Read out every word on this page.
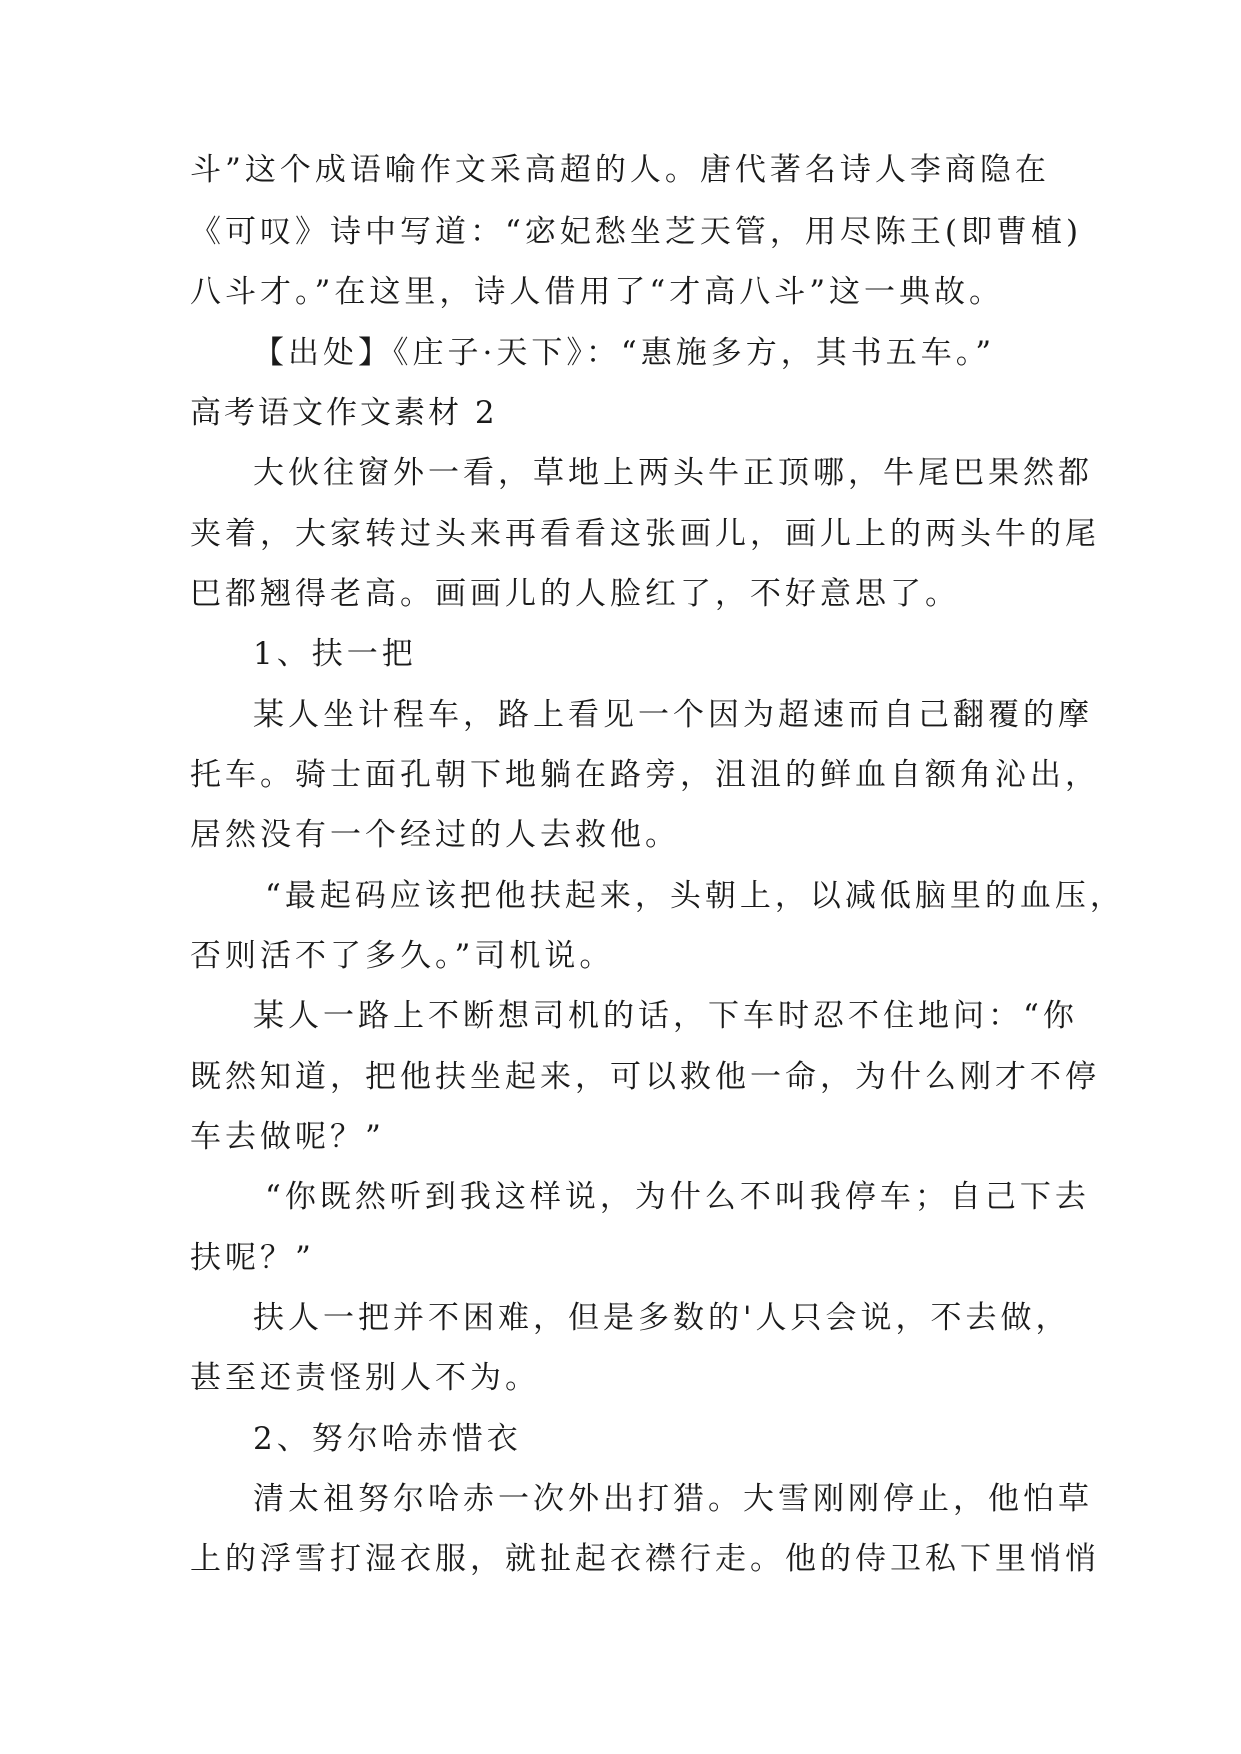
斗”这个成语喻作文采高超的人。唐代著名诗人李商隐在
《可叹》诗中写道：“宓妃愁坐芝天管，用尽陈王(即曹植)
八斗才。”在这里，诗人借用了“才高八斗”这一典故。
【出处】《庄子·天下》：“惠施多方，其书五车。”
高考语文作文素材 2
大伙往窗外一看，草地上两头牛正顶哪，牛尾巴果然都
夹着，大家转过头来再看看这张画儿，画儿上的两头牛的尾
巴都翘得老高。画画儿的人脸红了，不好意思了。
1、扶一把
某人坐计程车，路上看见一个因为超速而自己翻覆的摩
托车。骑士面孔朝下地躺在路旁，沮沮的鲜血自额角沁出，
居然没有一个经过的人去救他。
“最起码应该把他扶起来，头朝上，以减低脑里的血压，
否则活不了多久。”司机说。
某人一路上不断想司机的话，下车时忍不住地问：“你
既然知道，把他扶坐起来，可以救他一命，为什么刚才不停
车去做呢？”
“你既然听到我这样说，为什么不叫我停车；自己下去
扶呢？”
扶人一把并不困难，但是多数的'人只会说，不去做，
甚至还责怪别人不为。
2、努尔哈赤惜衣
清太祖努尔哈赤一次外出打猎。大雪刚刚停止，他怕草
上的浮雪打湿衣服，就扯起衣襟行走。他的侍卫私下里悄悄
